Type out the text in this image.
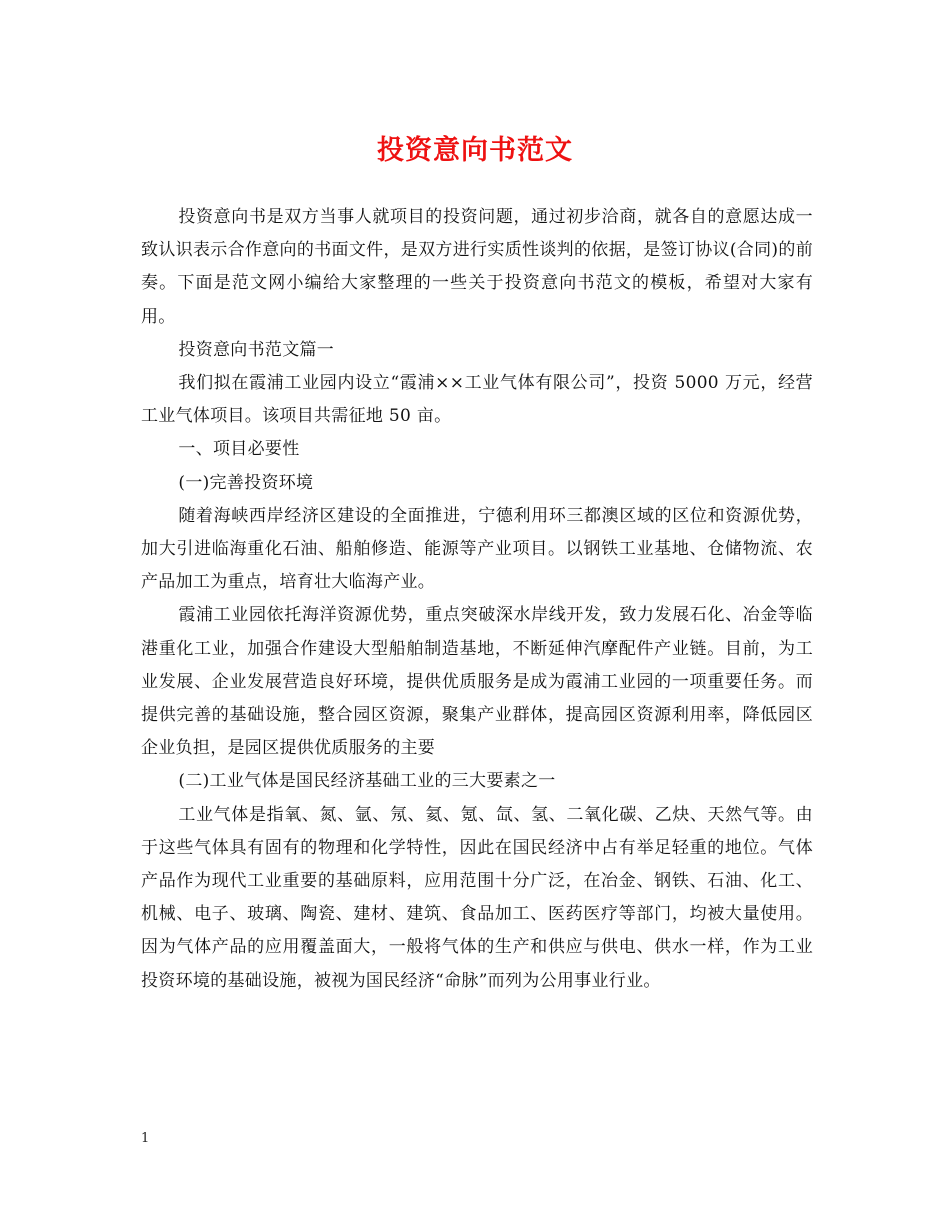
投资意向书范文

投资意向书是双方当事人就项目的投资问题，通过初步洽商，就各自的意愿达成一致认识表示合作意向的书面文件，是双方进行实质性谈判的依据，是签订协议(合同)的前奏。下面是范文网小编给大家整理的一些关于投资意向书范文的模板，希望对大家有用。

投资意向书范文篇一

我们拟在霞浦工业园内设立“霞浦××工业气体有限公司”，投资 5000 万元，经营工业气体项目。该项目共需征地 50 亩。

一、项目必要性

(一)完善投资环境

随着海峡西岸经济区建设的全面推进，宁德利用环三都澳区域的区位和资源优势，加大引进临海重化石油、船舶修造、能源等产业项目。以钢铁工业基地、仓储物流、农产品加工为重点，培育壮大临海产业。

霞浦工业园依托海洋资源优势，重点突破深水岸线开发，致力发展石化、冶金等临港重化工业，加强合作建设大型船舶制造基地，不断延伸汽摩配件产业链。目前，为工业发展、企业发展营造良好环境，提供优质服务是成为霞浦工业园的一项重要任务。而提供完善的基础设施，整合园区资源，聚集产业群体，提高园区资源利用率，降低园区企业负担，是园区提供优质服务的主要

(二)工业气体是国民经济基础工业的三大要素之一

工业气体是指氧、氮、氩、氖、氦、氪、氙、氢、二氧化碳、乙炔、天然气等。由于这些气体具有固有的物理和化学特性，因此在国民经济中占有举足轻重的地位。气体产品作为现代工业重要的基础原料，应用范围十分广泛，在冶金、钢铁、石油、化工、机械、电子、玻璃、陶瓷、建材、建筑、食品加工、医药医疗等部门，均被大量使用。因为气体产品的应用覆盖面大，一般将气体的生产和供应与供电、供水一样，作为工业投资环境的基础设施，被视为国民经济“命脉”而列为公用事业行业。

1
